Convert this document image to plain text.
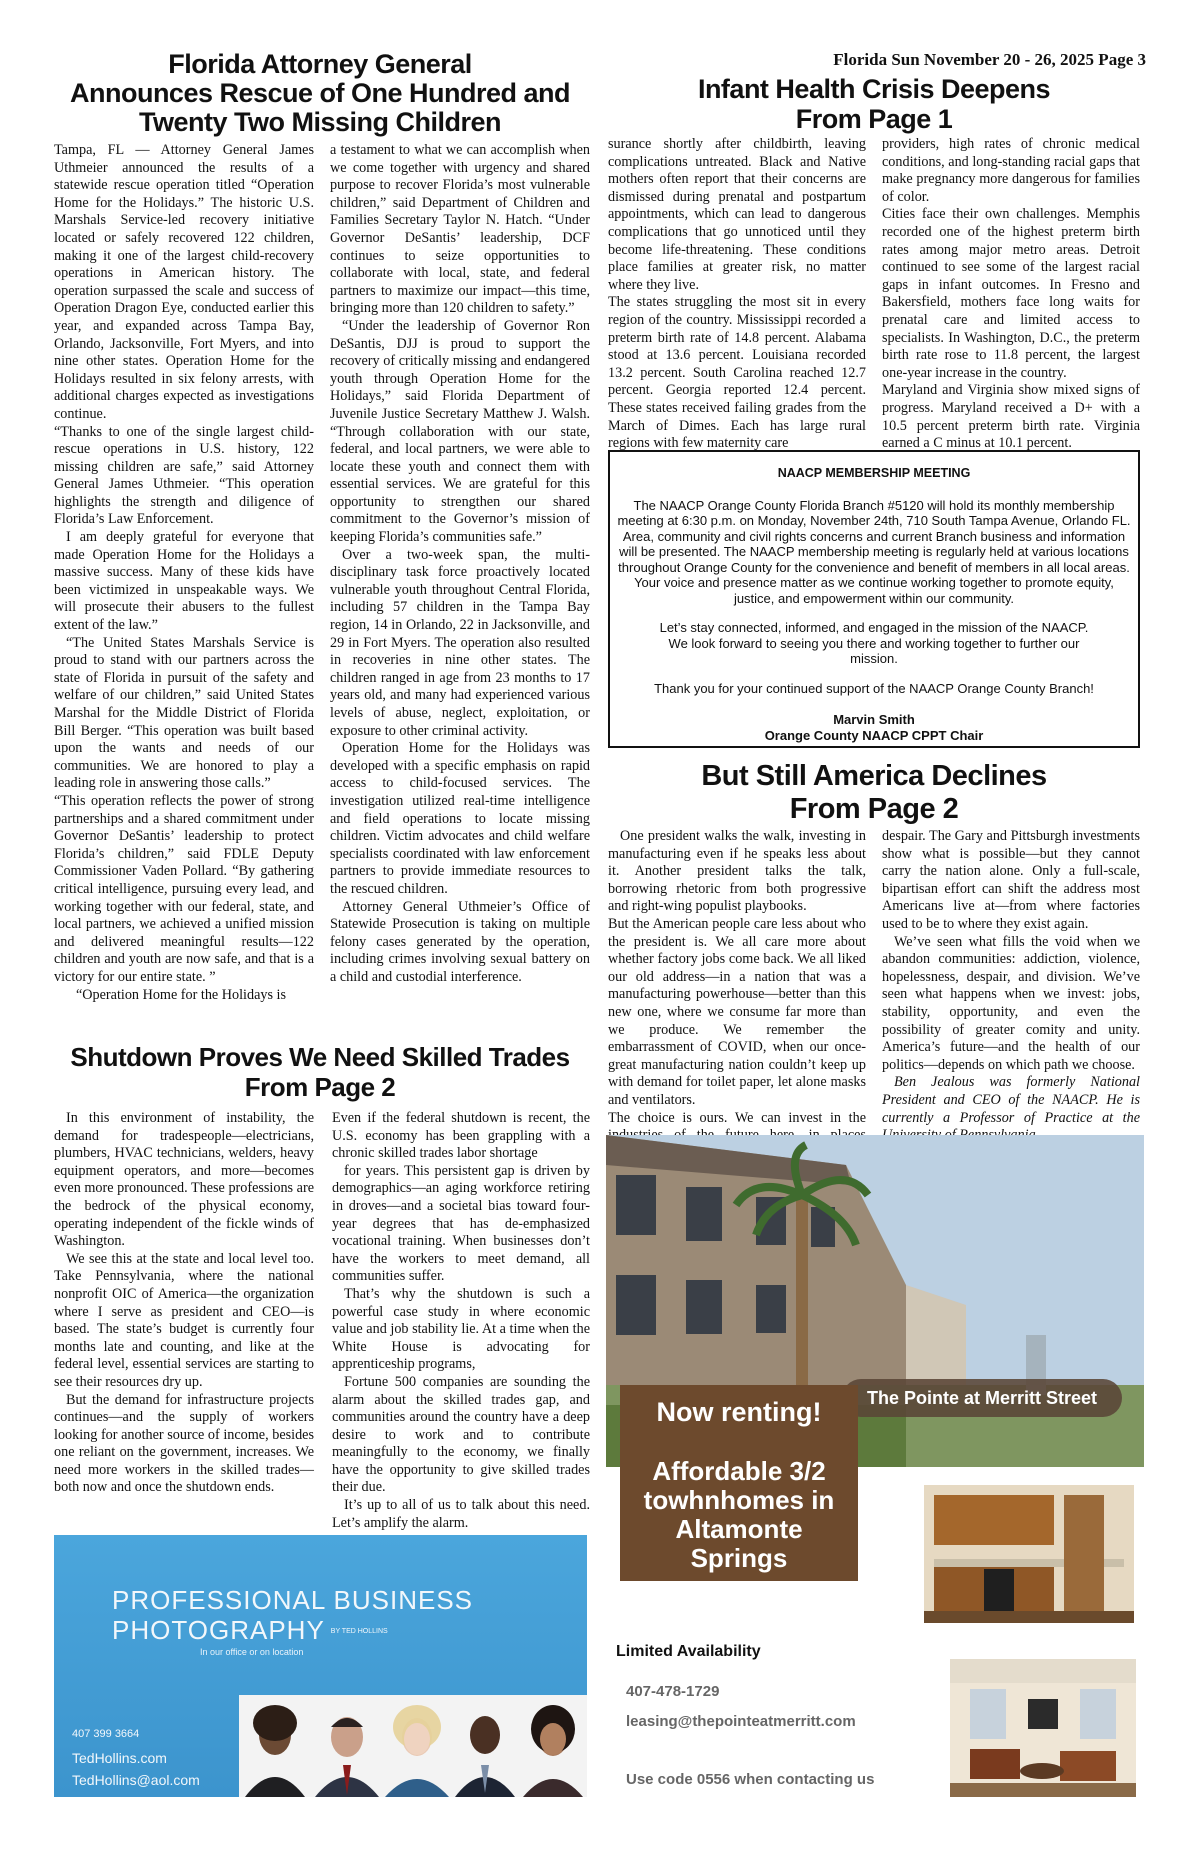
Florida Sun November 20 - 26, 2025 Page 3
Florida Attorney General
Announces Rescue of One Hundred and
Twenty Two Missing Children

Tampa, FL — Attorney General James Uthmeier announced the results of a statewide rescue operation titled “Operation Home for the Holidays.” The historic U.S. Marshals Service-led recovery initiative located or safely recovered 122 children, making it one of the largest child-recovery operations in American history. The operation surpassed the scale and success of Operation Dragon Eye, conducted earlier this year, and expanded across Tampa Bay, Orlando, Jacksonville, Fort Myers, and into nine other states. Operation Home for the Holidays resulted in six felony arrests, with additional charges expected as investigations continue.

“Thanks to one of the single largest child-rescue operations in U.S. history, 122 missing children are safe,” said Attorney General James Uthmeier. “This operation highlights the strength and diligence of Florida’s Law Enforcement.

I am deeply grateful for everyone that made Operation Home for the Holidays a massive success. Many of these kids have been victimized in unspeakable ways. We will prosecute their abusers to the fullest extent of the law.”

“The United States Marshals Service is proud to stand with our partners across the state of Florida in pursuit of the safety and welfare of our children,” said United States Marshal for the Middle District of Florida Bill Berger. “This operation was built based upon the wants and needs of our communities. We are honored to play a leading role in answering those calls.”

“This operation reflects the power of strong partnerships and a shared commitment under Governor DeSantis’ leadership to protect Florida’s children,” said FDLE Deputy Commissioner Vaden Pollard. “By gathering critical intelligence, pursuing every lead, and working together with our federal, state, and local partners, we achieved a unified mission and delivered meaningful results—122 children and youth are now safe, and that is a victory for our entire state. ”

“Operation Home for the Holidays is

a testament to what we can accomplish when we come together with urgency and shared purpose to recover Florida’s most vulnerable children,” said Department of Children and Families Secretary Taylor N. Hatch. “Under Governor DeSantis’ leadership, DCF continues to seize opportunities to collaborate with local, state, and federal partners to maximize our impact—this time, bringing more than 120 children to safety.”

“Under the leadership of Governor Ron DeSantis, DJJ is proud to support the recovery of critically missing and endangered youth through Operation Home for the Holidays,” said Florida Department of Juvenile Justice Secretary Matthew J. Walsh. “Through collaboration with our state, federal, and local partners, we were able to locate these youth and connect them with essential services. We are grateful for this opportunity to strengthen our shared commitment to the Governor’s mission of keeping Florida’s communities safe.”

Over a two-week span, the multi-disciplinary task force proactively located vulnerable youth throughout Central Florida, including 57 children in the Tampa Bay region, 14 in Orlando, 22 in Jacksonville, and 29 in Fort Myers. The operation also resulted in recoveries in nine other states. The children ranged in age from 23 months to 17 years old, and many had experienced various levels of abuse, neglect, exploitation, or exposure to other criminal activity.

Operation Home for the Holidays was developed with a specific emphasis on rapid access to child-focused services. The investigation utilized real-time intelligence and field operations to locate missing children. Victim advocates and child welfare specialists coordinated with law enforcement partners to provide immediate resources to the rescued children.

Attorney General Uthmeier’s Office of Statewide Prosecution is taking on multiple felony cases generated by the operation, including crimes involving sexual battery on a child and custodial interference.

Infant Health Crisis Deepens
From Page 1

surance shortly after childbirth, leaving complications untreated. Black and Native mothers often report that their concerns are dismissed during prenatal and postpartum appointments, which can lead to dangerous complications that go unnoticed until they become life-threatening. These conditions place families at greater risk, no matter where they live.

The states struggling the most sit in every region of the country. Mississippi recorded a preterm birth rate of 14.8 percent. Alabama stood at 13.6 percent. Louisiana recorded 13.2 percent. South Carolina reached 12.7 percent. Georgia reported 12.4 percent. These states received failing grades from the March of Dimes. Each has large rural regions with few maternity care

providers, high rates of chronic medical conditions, and long-standing racial gaps that make pregnancy more dangerous for families of color.

Cities face their own challenges. Memphis recorded one of the highest preterm birth rates among major metro areas. Detroit continued to see some of the largest racial gaps in infant outcomes. In Fresno and Bakersfield, mothers face long waits for prenatal care and limited access to specialists. In Washington, D.C., the preterm birth rate rose to 11.8 percent, the largest one-year increase in the country.

Maryland and Virginia show mixed signs of progress. Maryland received a D+ with a 10.5 percent preterm birth rate. Virginia earned a C minus at 10.1 percent.

NAACP MEMBERSHIP MEETING

The NAACP Orange County Florida Branch #5120 will hold its monthly membership meeting at 6:30 p.m. on Monday, November 24th, 710 South Tampa Avenue, Orlando FL. Area, community and civil rights concerns and current Branch business and information will be presented. The NAACP membership meeting is regularly held at various locations throughout Orange County for the convenience and benefit of members in all local areas.

Your voice and presence matter as we continue working together to promote equity, justice, and empowerment within our community.

Let’s stay connected, informed, and engaged in the mission of the NAACP. We look forward to seeing you there and working together to further our mission.

Thank you for your continued support of the NAACP Orange County Branch!

Marvin Smith

Orange County NAACP CPPT Chair

But Still America Declines
From Page 2

One president walks the walk, investing in manufacturing even if he speaks less about it. Another president talks the talk, borrowing rhetoric from both progressive and right-wing populist playbooks.

But the American people care less about who the president is. We all care more about whether factory jobs come back. We all liked our old address—in a nation that was a manufacturing powerhouse—better than this new one, where we consume far more than we produce. We remember the embarrassment of COVID, when our once-great manufacturing nation couldn’t keep up with demand for toilet paper, let alone masks and ventilators.

The choice is ours. We can invest in the

despair. The Gary and Pittsburgh investments show what is possible—but they cannot carry the nation alone. Only a full-scale, bipartisan effort can shift the address most Americans live at—from where factories used to be to where they exist again.

We’ve seen what fills the void when we abandon communities: addiction, violence, hopelessness, despair, and division. We’ve seen what happens when we invest: jobs, stability, opportunity, and even the possibility of greater comity and unity. America’s future—and the health of our politics—depends on which path we choose.

Ben Jealous was formerly National President and CEO of the NAACP. He is currently a Professor of Practice at the

Shutdown Proves We Need Skilled Trades
From Page 2

In this environment of instability, the demand for tradespeople—electricians, plumbers, HVAC technicians, welders, heavy equipment operators, and more—becomes even more pronounced. These professions are the bedrock of the physical economy, operating independent of the fickle winds of Washington.

We see this at the state and local level too. Take Pennsylvania, where the national nonprofit OIC of America—the organization where I serve as president and CEO—is based. The state’s budget is currently four months late and counting, and like at the federal level, essential services are starting to see their resources dry up.

But the demand for infrastructure projects continues—and the supply of workers looking for another source of income, besides one reliant on the government, increases. We need more workers in the skilled trades—both now and once the shutdown ends.

Even if the federal shutdown is recent, the U.S. economy has been grappling with a chronic skilled trades labor shortage

for years. This persistent gap is driven by demographics—an aging workforce retiring in droves—and a societal bias toward four-year degrees that has de-emphasized vocational training. When businesses don’t have the workers to meet demand, all communities suffer.

That’s why the shutdown is such a powerful case study in where economic value and job stability lie. At a time when the White House is advocating for apprenticeship programs,

Fortune 500 companies are sounding the alarm about the skilled trades gap, and communities around the country have a deep desire to work and to contribute meaningfully to the economy, we finally have the opportunity to give skilled trades their due.

It’s up to all of us to talk about this need. Let’s amplify the alarm.

PROFESSIONAL BUSINESS
PHOTOGRAPHY BY TED HOLLINS
In our office or on location
407 399 3664
TedHollins.com
TedHollins@aol.com
The Pointe at Merritt Street
Now renting!
Affordable 3/2
towhnhomes in
Altamonte
Springs
Limited Availability
407-478-1729
leasing@thepointeatmerritt.com
Use code 0556 when contacting us
